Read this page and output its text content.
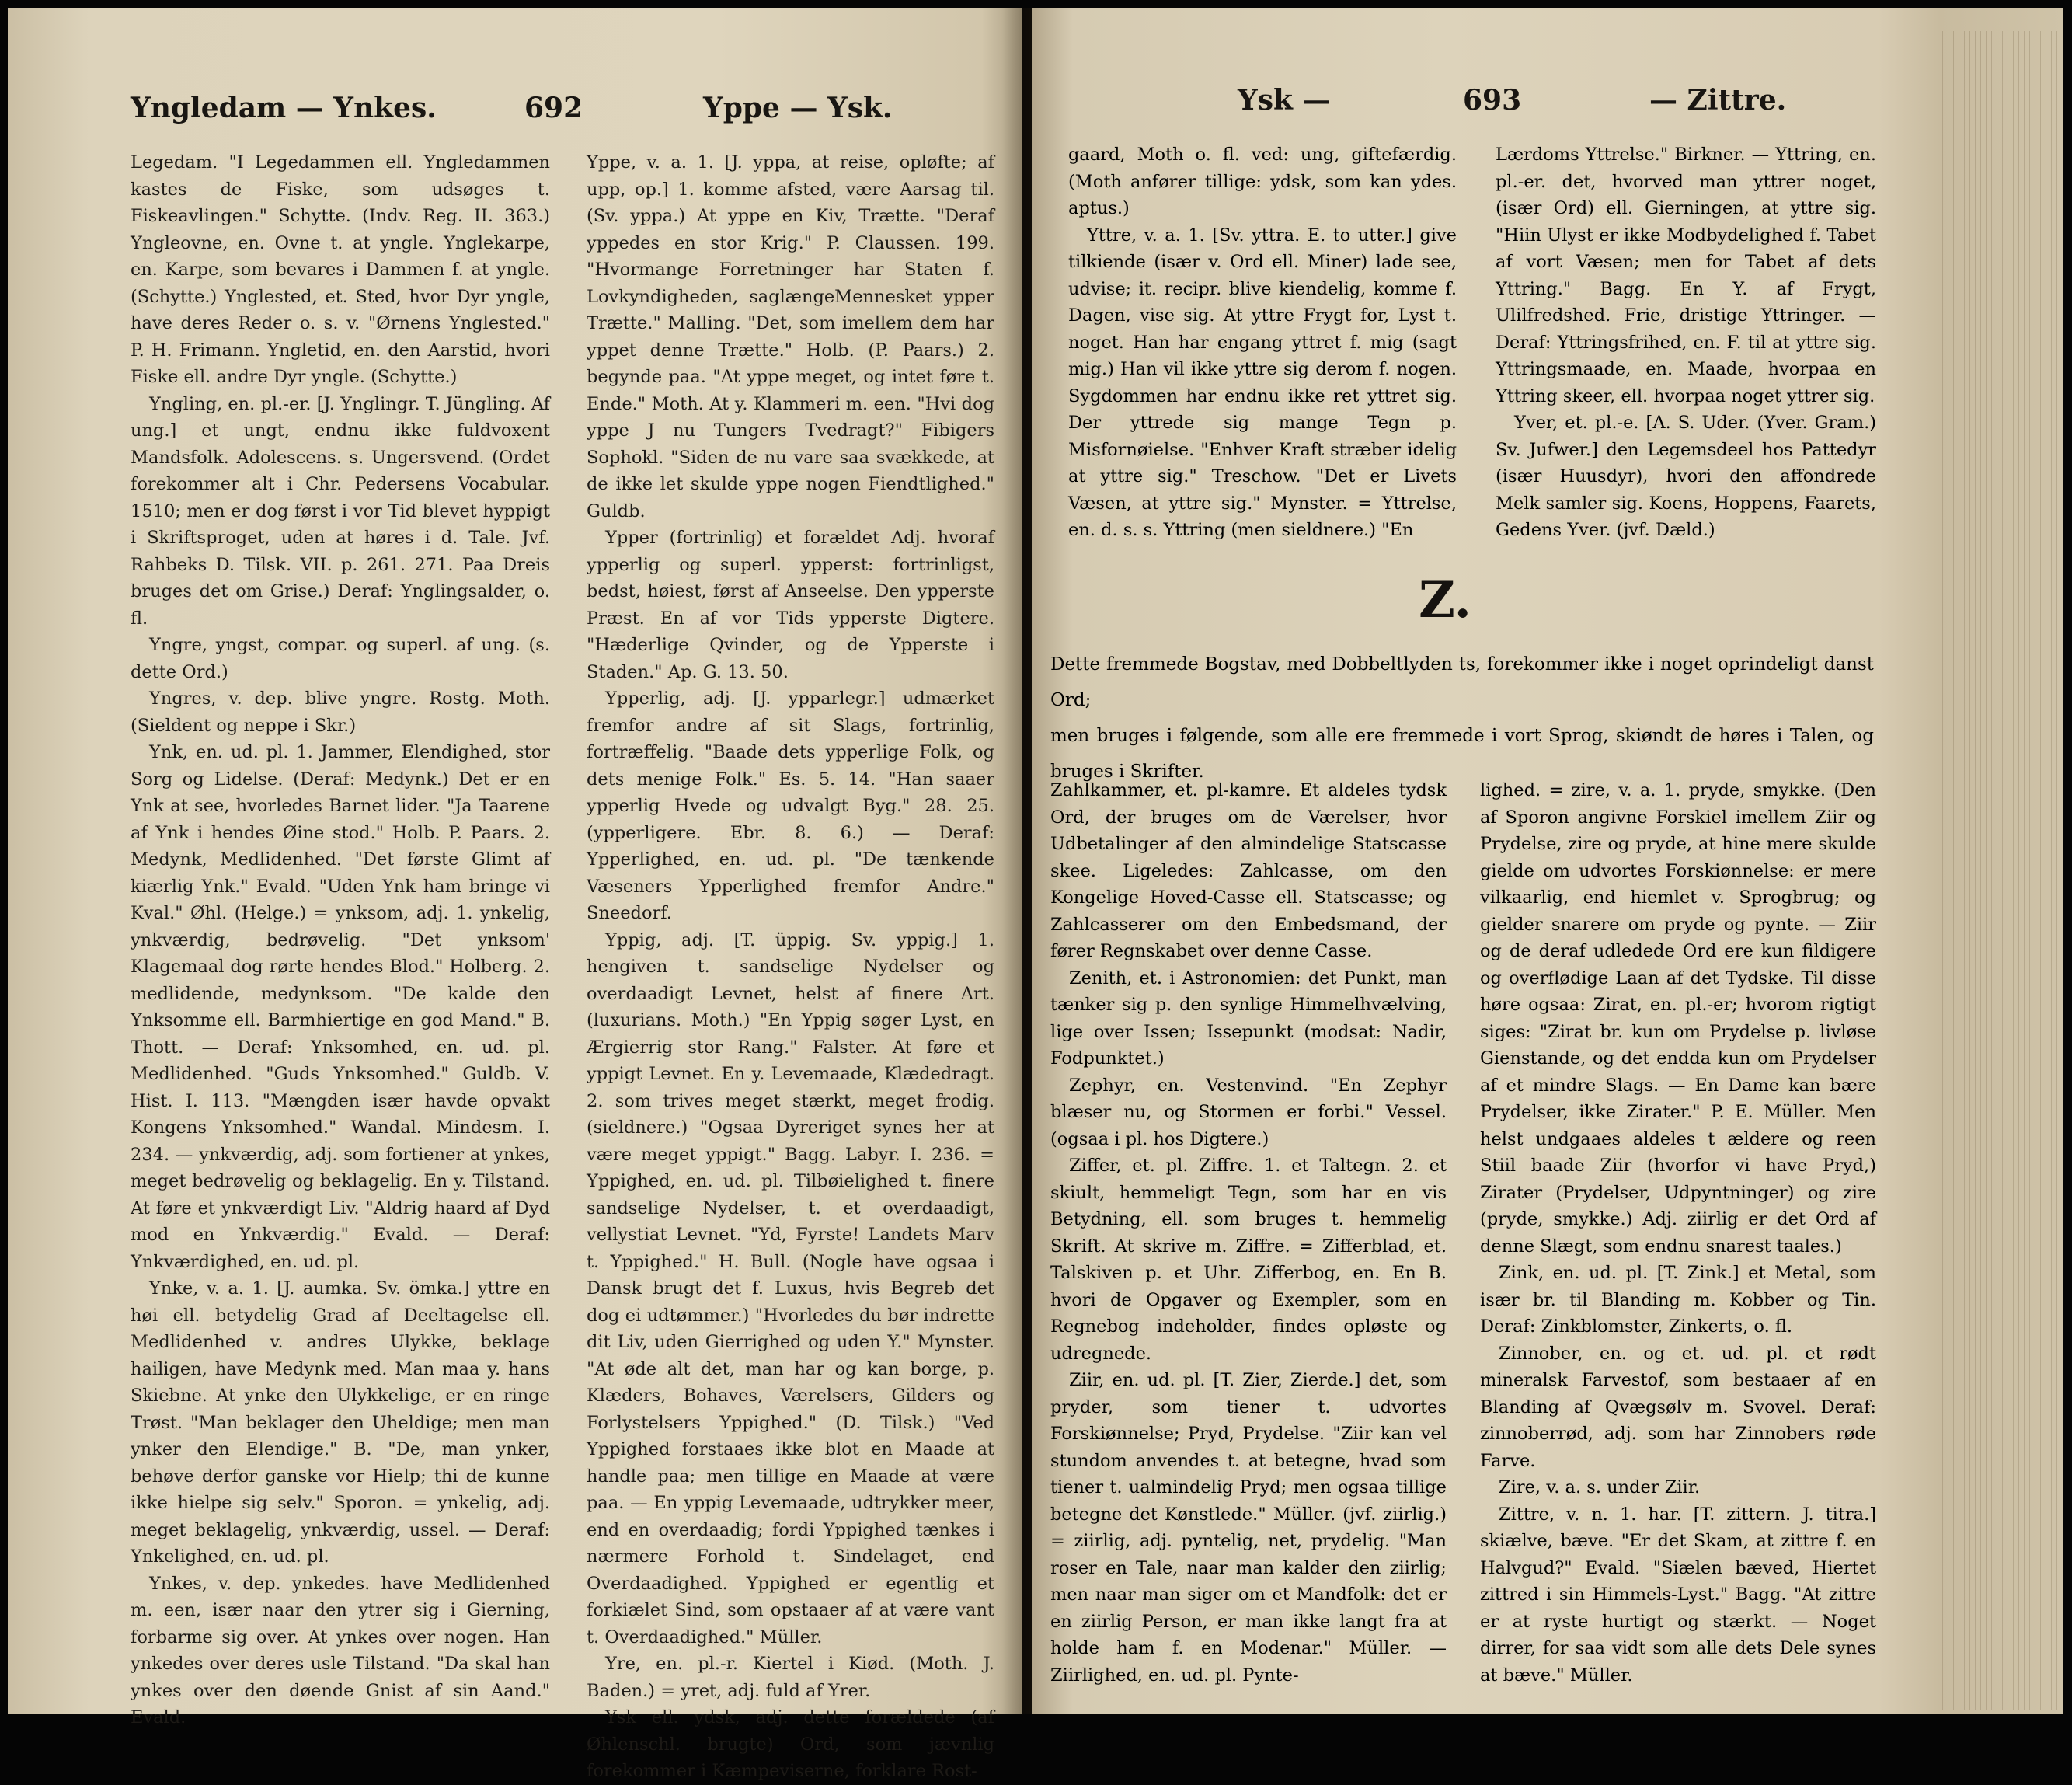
Yngledam — Ynkes.	692	Yppe — Ysk.

Legedam. "I Legedammen ell. Yngledammen kastes de Fiske, som udsøges t. Fiskeavlingen." Schytte. (Indv. Reg. II. 363.) Yngleovne, en. Ovne t. at yngle. Ynglekarpe, en. Karpe, som bevares i Dammen f. at yngle. (Schytte.) Ynglested, et. Sted, hvor Dyr yngle, have deres Reder o. s. v. "Ørnens Ynglested." P. H. Frimann. Yngletid, en. den Aarstid, hvori Fiske ell. andre Dyr yngle. (Schytte.)

Yngling, en. pl.-er. [J. Ynglingr. T. Jüngling. Af ung.] et ungt, endnu ikke fuldvoxent Mandsfolk. Adolescens. s. Ungersvend. (Ordet forekommer alt i Chr. Pedersens Vocabular. 1510; men er dog først i vor Tid blevet hyppigt i Skriftsproget, uden at høres i d. Tale. Jvf. Rahbeks D. Tilsk. VII. p. 261. 271. Paa Dreis bruges det om Grise.) Deraf: Ynglingsalder, o. fl.

Yngre, yngst, compar. og superl. af ung. (s. dette Ord.)

Yngres, v. dep. blive yngre. Rostg. Moth. (Sieldent og neppe i Skr.)

Ynk, en. ud. pl. 1. Jammer, Elendighed, stor Sorg og Lidelse. (Deraf: Medynk.) Det er en Ynk at see, hvorledes Barnet lider. "Ja Taarene af Ynk i hendes Øine stod." Holb. P. Paars. 2. Medynk, Medlidenhed. "Det første Glimt af kiærlig Ynk." Evald. "Uden Ynk ham bringe vi Kval." Øhl. (Helge.) = ynksom, adj. 1. ynkelig, ynkværdig, bedrøvelig. "Det ynksom' Klagemaal dog rørte hendes Blod." Holberg. 2. medlidende, medynksom. "De kalde den Ynksomme ell. Barmhiertige en god Mand." B. Thott. — Deraf: Ynksomhed, en. ud. pl. Medlidenhed. "Guds Ynksomhed." Guldb. V. Hist. I. 113. "Mængden især havde opvakt Kongens Ynksomhed." Wandal. Mindesm. I. 234. — ynkværdig, adj. som fortiener at ynkes, meget bedrøvelig og beklagelig. En y. Tilstand. At føre et ynkværdigt Liv. "Aldrig haard af Dyd mod en Ynkværdig." Evald. — Deraf: Ynkværdighed, en. ud. pl.

Ynke, v. a. 1. [J. aumka. Sv. ömka.] yttre en høi ell. betydelig Grad af Deeltagelse ell. Medlidenhed v. andres Ulykke, beklage hailigen, have Medynk med. Man maa y. hans Skiebne. At ynke den Ulykkelige, er en ringe Trøst. "Man beklager den Uheldige; men man ynker den Elendige." B. "De, man ynker, behøve derfor ganske vor Hielp; thi de kunne ikke hielpe sig selv." Sporon. = ynkelig, adj. meget beklagelig, ynkværdig, ussel. — Deraf: Ynkelighed, en. ud. pl.

Ynkes, v. dep. ynkedes. have Medlidenhed m. een, især naar den ytrer sig i Gierning, forbarme sig over. At ynkes over nogen. Han ynkedes over deres usle Tilstand. "Da skal han ynkes over den døende Gnist af sin Aand." Evald.

Yppe, v. a. 1. [J. yppa, at reise, opløfte; af upp, op.] 1. komme afsted, være Aarsag til. (Sv. yppa.) At yppe en Kiv, Trætte. "Deraf yppedes en stor Krig." P. Claussen. 199. "Hvormange Forretninger har Staten f. Lovkyndigheden, saglængeMennesket ypper Trætte." Malling. "Det, som imellem dem har yppet denne Trætte." Holb. (P. Paars.) 2. begynde paa. "At yppe meget, og intet føre t. Ende." Moth. At y. Klammeri m. een. "Hvi dog yppe J nu Tungers Tvedragt?" Fibigers Sophokl. "Siden de nu vare saa svækkede, at de ikke let skulde yppe nogen Fiendtlighed." Guldb.

Ypper (fortrinlig) et forældet Adj. hvoraf ypperlig og superl. ypperst: fortrinligst, bedst, høiest, først af Anseelse. Den ypperste Præst. En af vor Tids ypperste Digtere. "Hæderlige Qvinder, og de Ypperste i Staden." Ap. G. 13. 50.

Ypperlig, adj. [J. ypparlegr.] udmærket fremfor andre af sit Slags, fortrinlig, fortræffelig. "Baade dets ypperlige Folk, og dets menige Folk." Es. 5. 14. "Han saaer ypperlig Hvede og udvalgt Byg." 28. 25. (ypperligere. Ebr. 8. 6.) — Deraf: Ypperlighed, en. ud. pl. "De tænkende Væseners Ypperlighed fremfor Andre." Sneedorf.

Yppig, adj. [T. üppig. Sv. yppig.] 1. hengiven t. sandselige Nydelser og overdaadigt Levnet, helst af finere Art. (luxurians. Moth.) "En Yppig søger Lyst, en Ærgierrig stor Rang." Falster. At føre et yppigt Levnet. En y. Levemaade, Klædedragt. 2. som trives meget stærkt, meget frodig. (sieldnere.) "Ogsaa Dyreriget synes her at være meget yppigt." Bagg. Labyr. I. 236. = Yppighed, en. ud. pl. Tilbøielighed t. finere sandselige Nydelser, t. et overdaadigt, vellystiat Levnet. "Yd, Fyrste! Landets Marv t. Yppighed." H. Bull. (Nogle have ogsaa i Dansk brugt det f. Luxus, hvis Begreb det dog ei udtømmer.) "Hvorledes du bør indrette dit Liv, uden Gierrighed og uden Y." Mynster. "At øde alt det, man har og kan borge, p. Klæders, Bohaves, Værelsers, Gilders og Forlystelsers Yppighed." (D. Tilsk.) "Ved Yppighed forstaaes ikke blot en Maade at handle paa; men tillige en Maade at være paa. — En yppig Levemaade, udtrykker meer, end en overdaadig; fordi Yppighed tænkes i nærmere Forhold t. Sindelaget, end Overdaadighed. Yppighed er egentlig et forkiælet Sind, som opstaaer af at være vant t. Overdaadighed." Müller.

Yre, en. pl.-r. Kiertel i Kiød. (Moth. J. Baden.) = yret, adj. fuld af Yrer.

Ysk ell. ydsk, adj. dette forældede (af Øhlenschl. brugte) Ord, som jævnlig forekommer i Kæmpeviserne, forklare Rost-

Ysk —	693	— Zittre.

gaard, Moth o. fl. ved: ung, giftefærdig. (Moth anfører tillige: ydsk, som kan ydes. aptus.)

Yttre, v. a. 1. [Sv. yttra. E. to utter.] give tilkiende (især v. Ord ell. Miner) lade see, udvise; it. recipr. blive kiendelig, komme f. Dagen, vise sig. At yttre Frygt for, Lyst t. noget. Han har engang yttret f. mig (sagt mig.) Han vil ikke yttre sig derom f. nogen. Sygdommen har endnu ikke ret yttret sig. Der yttrede sig mange Tegn p. Misfornøielse. "Enhver Kraft stræber idelig at yttre sig." Treschow. "Det er Livets Væsen, at yttre sig." Mynster. = Yttrelse, en. d. s. s. Yttring (men sieldnere.) "En

Lærdoms Yttrelse." Birkner. — Yttring, en. pl.-er. det, hvorved man yttrer noget, (især Ord) ell. Gierningen, at yttre sig. "Hiin Ulyst er ikke Modbydelighed f. Tabet af vort Væsen; men for Tabet af dets Yttring." Bagg. En Y. af Frygt, Ulilfredshed. Frie, dristige Yttringer. — Deraf: Yttringsfrihed, en. F. til at yttre sig. Yttringsmaade, en. Maade, hvorpaa en Yttring skeer, ell. hvorpaa noget yttrer sig.

Yver, et. pl.-e. [A. S. Uder. (Yver. Gram.) Sv. Jufwer.] den Legemsdeel hos Pattedyr (især Huusdyr), hvori den affondrede Melk samler sig. Koens, Hoppens, Faarets, Gedens Yver. (jvf. Dæld.)

Z.

Dette fremmede Bogstav, med Dobbeltlyden ts, forekommer ikke i noget oprindeligt danst Ord;

men bruges i følgende, som alle ere fremmede i vort Sprog, skiøndt de høres i Talen, og bruges i Skrifter.

Zahlkammer, et. pl-kamre. Et aldeles tydsk Ord, der bruges om de Værelser, hvor Udbetalinger af den almindelige Statscasse skee. Ligeledes: Zahlcasse, om den Kongelige Hoved-Casse ell. Statscasse; og Zahlcasserer om den Embedsmand, der fører Regnskabet over denne Casse.

Zenith, et. i Astronomien: det Punkt, man tænker sig p. den synlige Himmelhvælving, lige over Issen; Issepunkt (modsat: Nadir, Fodpunktet.)

Zephyr, en. Vestenvind. "En Zephyr blæser nu, og Stormen er forbi." Vessel. (ogsaa i pl. hos Digtere.)

Ziffer, et. pl. Ziffre. 1. et Taltegn. 2. et skiult, hemmeligt Tegn, som har en vis Betydning, ell. som bruges t. hemmelig Skrift. At skrive m. Ziffre. = Zifferblad, et. Talskiven p. et Uhr. Zifferbog, en. En B. hvori de Opgaver og Exempler, som en Regnebog indeholder, findes opløste og udregnede.

Ziir, en. ud. pl. [T. Zier, Zierde.] det, som pryder, som tiener t. udvortes Forskiønnelse; Pryd, Prydelse. "Ziir kan vel stundom anvendes t. at betegne, hvad som tiener t. ualmindelig Pryd; men ogsaa tillige betegne det Kønstlede." Müller. (jvf. ziirlig.) = ziirlig, adj. pyntelig, net, prydelig. "Man roser en Tale, naar man kalder den ziirlig; men naar man siger om et Mandfolk: det er en ziirlig Person, er man ikke langt fra at holde ham f. en Modenar." Müller. — Ziirlighed, en. ud. pl. Pynte-

lighed. = zire, v. a. 1. pryde, smykke. (Den af Sporon angivne Forskiel imellem Ziir og Prydelse, zire og pryde, at hine mere skulde gielde om udvortes Forskiønnelse: er mere vilkaarlig, end hiemlet v. Sprogbrug; og gielder snarere om pryde og pynte. — Ziir og de deraf udledede Ord ere kun fildigere og overflødige Laan af det Tydske. Til disse høre ogsaa: Zirat, en. pl.-er; hvorom rigtigt siges: "Zirat br. kun om Prydelse p. livløse Gienstande, og det endda kun om Prydelser af et mindre Slags. — En Dame kan bære Prydelser, ikke Zirater." P. E. Müller. Men helst undgaaes aldeles t ældere og reen Stiil baade Ziir (hvorfor vi have Pryd,) Zirater (Prydelser, Udpyntninger) og zire (pryde, smykke.) Adj. ziirlig er det Ord af denne Slægt, som endnu snarest taales.)

Zink, en. ud. pl. [T. Zink.] et Metal, som især br. til Blanding m. Kobber og Tin. Deraf: Zinkblomster, Zinkerts, o. fl.

Zinnober, en. og et. ud. pl. et rødt mineralsk Farvestof, som bestaaer af en Blanding af Qvægsølv m. Svovel. Deraf: zinnoberrød, adj. som har Zinnobers røde Farve.

Zire, v. a. s. under Ziir.

Zittre, v. n. 1. har. [T. zittern. J. titra.] skiælve, bæve. "Er det Skam, at zittre f. en Halvgud?" Evald. "Siælen bæved, Hiertet zittred i sin Himmels-Lyst." Bagg. "At zittre er at ryste hurtigt og stærkt. — Noget dirrer, for saa vidt som alle dets Dele synes at bæve." Müller.
